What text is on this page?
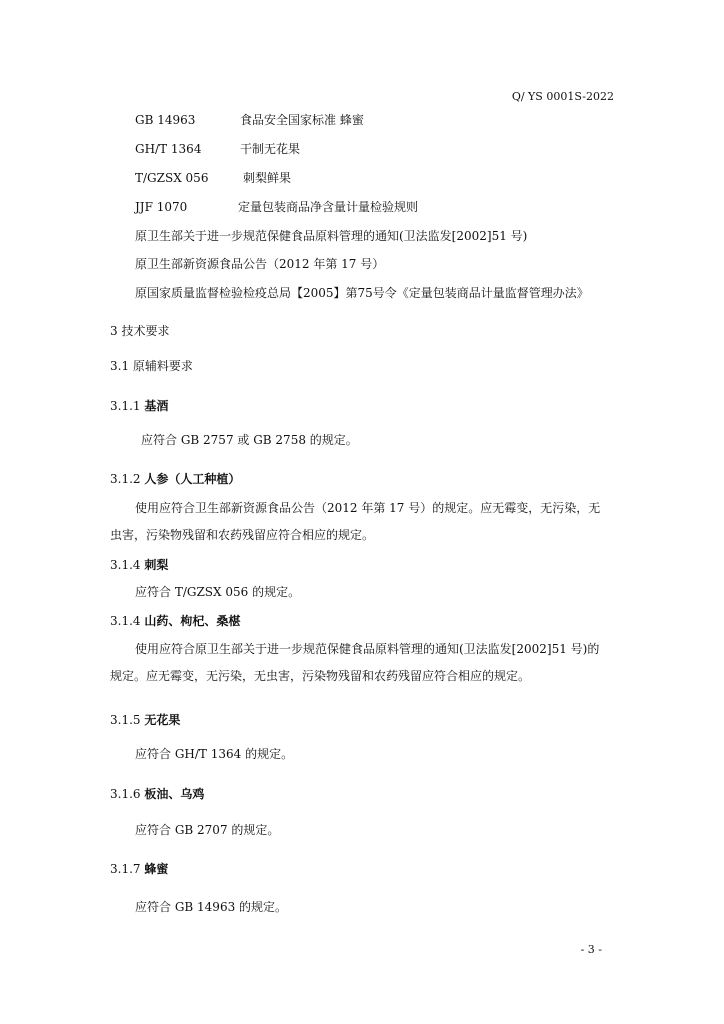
Q/ YS 0001S-2022
GB 14963	食品安全国家标准 蜂蜜
GH/T 1364	干制无花果
T/GZSX 056	刺梨鲜果
JJF 1070	定量包装商品净含量计量检验规则
原卫生部关于进一步规范保健食品原料管理的通知(卫法监发[2002]51 号)
原卫生部新资源食品公告（2012 年第 17 号）
原国家质量监督检验检疫总局【2005】第75号令《定量包装商品计量监督管理办法》
3 技术要求
3.1 原辅料要求
3.1.1 基酒
应符合 GB 2757 或 GB 2758 的规定。
3.1.2 人参（人工种植）
使用应符合卫生部新资源食品公告（2012 年第 17 号）的规定。应无霉变，无污染，无
虫害，污染物残留和农药残留应符合相应的规定。
3.1.4 刺梨
应符合 T/GZSX 056 的规定。
3.1.4 山药、枸杞、桑椹
使用应符合原卫生部关于进一步规范保健食品原料管理的通知(卫法监发[2002]51 号)的
规定。应无霉变，无污染，无虫害，污染物残留和农药残留应符合相应的规定。
3.1.5 无花果
应符合 GH/T 1364 的规定。
3.1.6 板油、乌鸡
应符合 GB 2707 的规定。
3.1.7 蜂蜜
应符合 GB 14963 的规定。
- 3 -
